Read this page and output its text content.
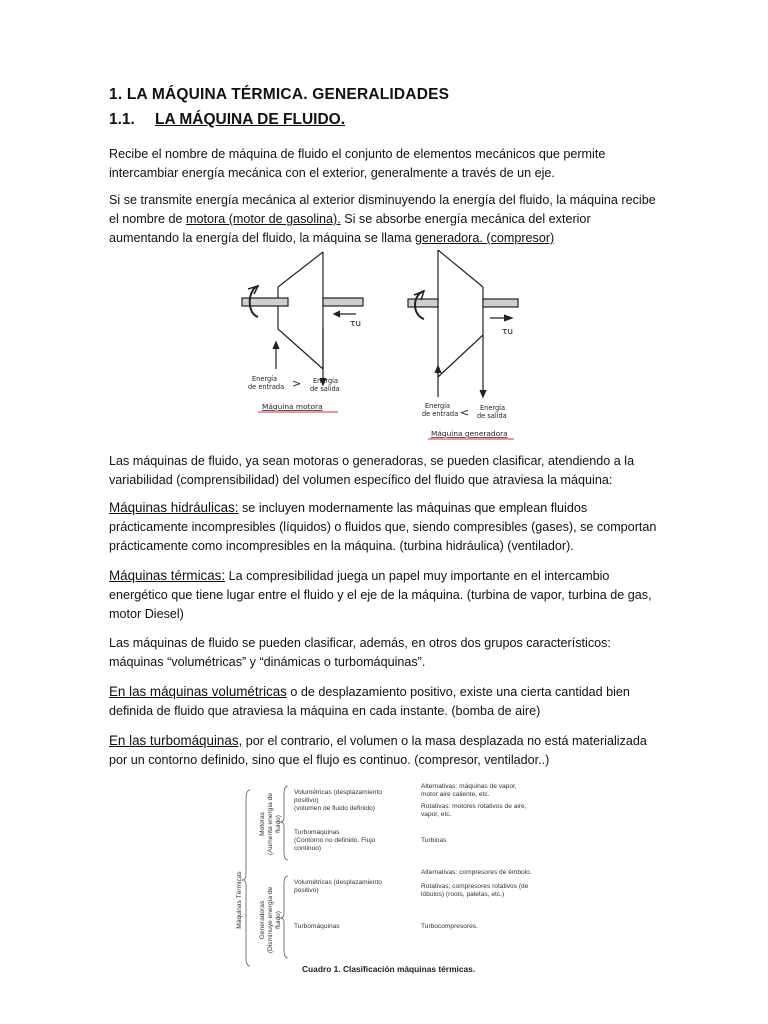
1. LA MÁQUINA TÉRMICA. GENERALIDADES
1.1. LA MÁQUINA DE FLUIDO.

Recibe el nombre de máquina de fluido el conjunto de elementos mecánicos que permite intercambiar energía mecánica con el exterior, generalmente a través de un eje.

Si se transmite energía mecánica al exterior disminuyendo la energía del fluido, la máquina recibe el nombre de motora (motor de gasolina). Si se absorbe energía mecánica del exterior aumentando la energía del fluido, la máquina se llama generadora. (compresor)

τu
Energía
de entrada > Energía
de salida
Máquina motora
τu
Energía
de entrada < Energía
de salida
Máquina generadora

Las máquinas de fluido, ya sean motoras o generadoras, se pueden clasificar, atendiendo a la variabilidad (comprensibilidad) del volumen específico del fluido que atraviesa la máquina:

Máquinas hidráulicas: se incluyen modernamente las máquinas que emplean fluidos prácticamente incompresibles (líquidos) o fluidos que, siendo compresibles (gases), se comportan prácticamente como incompresibles en la máquina. (turbina hidráulica) (ventilador).

Máquinas térmicas: La compresibilidad juega un papel muy importante en el intercambio energético que tiene lugar entre el fluido y el eje de la máquina. (turbina de vapor, turbina de gas, motor Diesel)

Las máquinas de fluido se pueden clasificar, además, en otros dos grupos característicos: máquinas “volumétricas” y “dinámicas o turbomáquinas”.

En las máquinas volumétricas o de desplazamiento positivo, existe una cierta cantidad bien definida de fluido que atraviesa la máquina en cada instante. (bomba de aire)

En las turbomáquinas, por el contrario, el volumen o la masa desplazada no está materializada por un contorno definido, sino que el flujo es continuo. (compresor, ventilador..)

Máquinas Térmicas
Motoras (Aumenta energía de fluido)
Generadoras (Disminuye energía de fluido)
Volumétricas (desplazamiento
positivo)
(volumen de fluido definido)
Alternativas: máquinas de vapor,
motor aire caliente, etc.
Rotativas: motores rotativos de aire,
vapor, etc.
Turbomáquinas
(Contorno no definido. Flujo
continuo)
Turbinas
Alternativas: compresores de émbolo.
Volumétricas (desplazamiento
positivo)
Rotativas: compresores rotativos (de
lóbulos) (roots, paletas, etc.)
Turbomáquinas	Turbocompresores.
Cuadro 1. Clasificación máquinas térmicas.
